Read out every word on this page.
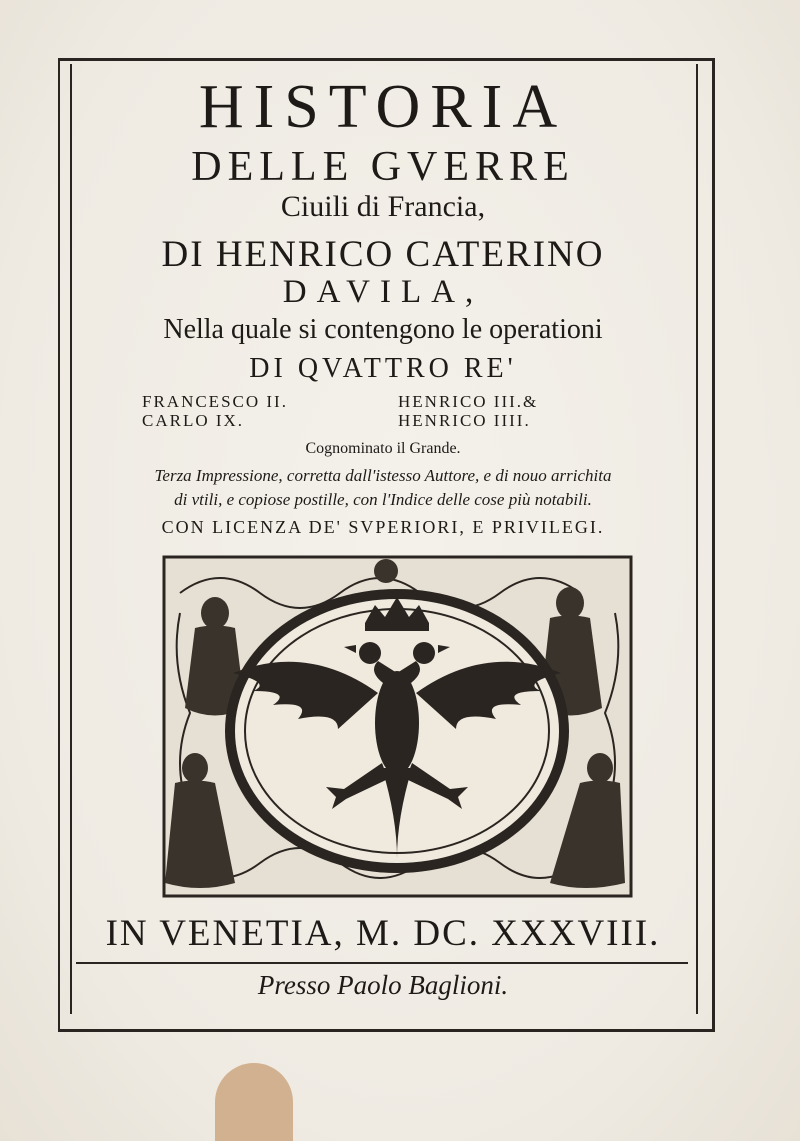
HISTORIA
DELLE GVERRE
Ciuili di Francia,
DI HENRICO CATERINO
DAVILA,
Nella quale si contengono le operationi
DI QVATTRO RE'
FRANCESCO II.
CARLO IX.
HENRICO III.&
HENRICO IIII.
Cognominato il Grande.
Terza Impressione, corretta dall'istesso Auttore, e di nouo arrichita
di vtili, e copiose postille, con l'Indice delle cose più notabili.
CON LICENZA DE' SVPERIORI, E PRIVILEGI.
IN VENETIA, M. DC. XXXVIII.
Presso Paolo Baglioni.
